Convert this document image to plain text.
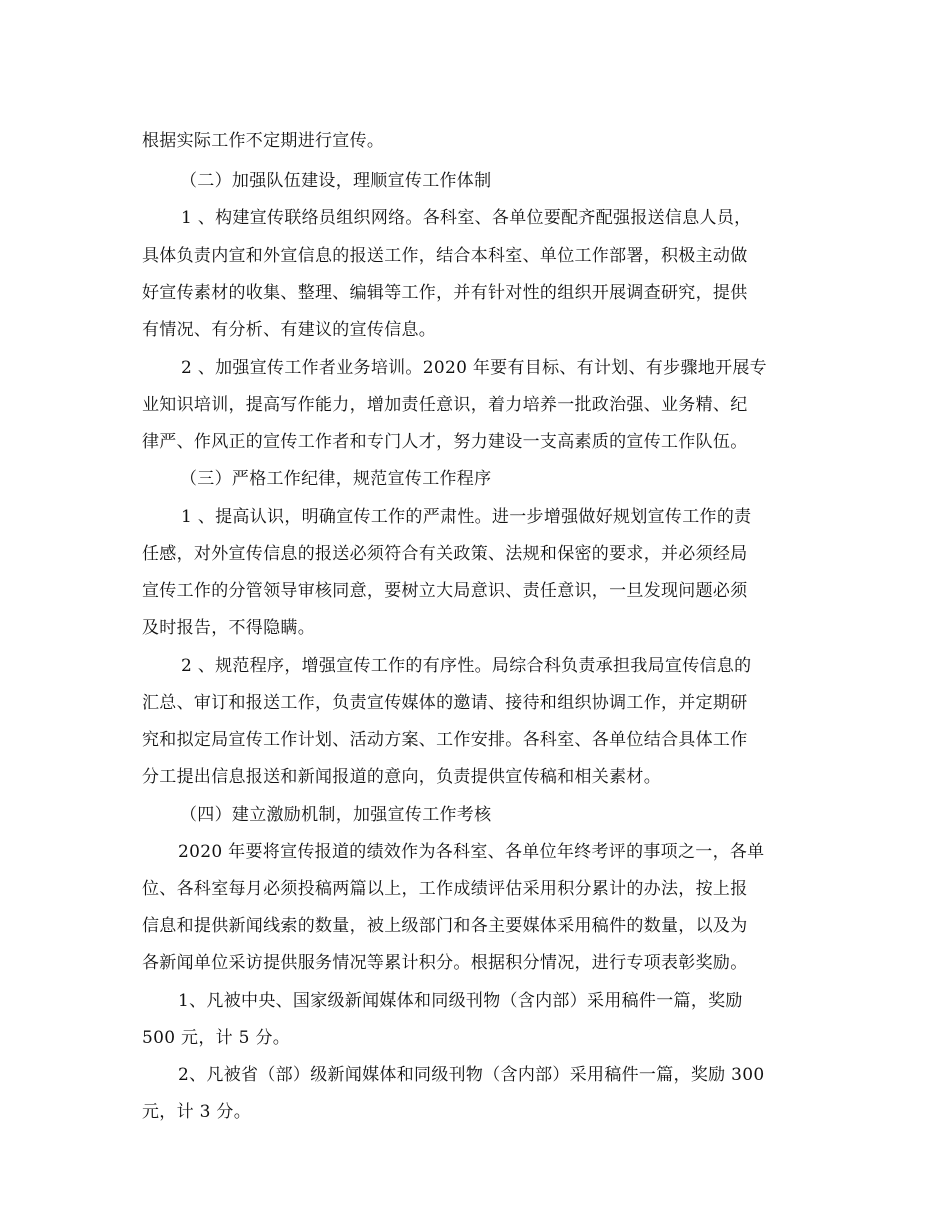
根据实际工作不定期进行宣传。
（二）加强队伍建设，理顺宣传工作体制
1 、构建宣传联络员组织网络。各科室、各单位要配齐配强报送信息人员，
具体负责内宣和外宣信息的报送工作，结合本科室、单位工作部署，积极主动做
好宣传素材的收集、整理、编辑等工作，并有针对性的组织开展调查研究，提供
有情况、有分析、有建议的宣传信息。
2 、加强宣传工作者业务培训。2020 年要有目标、有计划、有步骤地开展专
业知识培训，提高写作能力，增加责任意识，着力培养一批政治强、业务精、纪
律严、作风正的宣传工作者和专门人才，努力建设一支高素质的宣传工作队伍。
（三）严格工作纪律，规范宣传工作程序
1 、提高认识，明确宣传工作的严肃性。进一步增强做好规划宣传工作的责
任感，对外宣传信息的报送必须符合有关政策、法规和保密的要求，并必须经局
宣传工作的分管领导审核同意，要树立大局意识、责任意识，一旦发现问题必须
及时报告，不得隐瞒。
2 、规范程序，增强宣传工作的有序性。局综合科负责承担我局宣传信息的
汇总、审订和报送工作，负责宣传媒体的邀请、接待和组织协调工作，并定期研
究和拟定局宣传工作计划、活动方案、工作安排。各科室、各单位结合具体工作
分工提出信息报送和新闻报道的意向，负责提供宣传稿和相关素材。
（四）建立激励机制，加强宣传工作考核
2020 年要将宣传报道的绩效作为各科室、各单位年终考评的事项之一，各单
位、各科室每月必须投稿两篇以上，工作成绩评估采用积分累计的办法，按上报
信息和提供新闻线索的数量，被上级部门和各主要媒体采用稿件的数量，以及为
各新闻单位采访提供服务情况等累计积分。根据积分情况，进行专项表彰奖励。
1、凡被中央、国家级新闻媒体和同级刊物（含内部）采用稿件一篇，奖励
500 元，计 5 分。
2、凡被省（部）级新闻媒体和同级刊物（含内部）采用稿件一篇，奖励 300
元，计 3 分。
